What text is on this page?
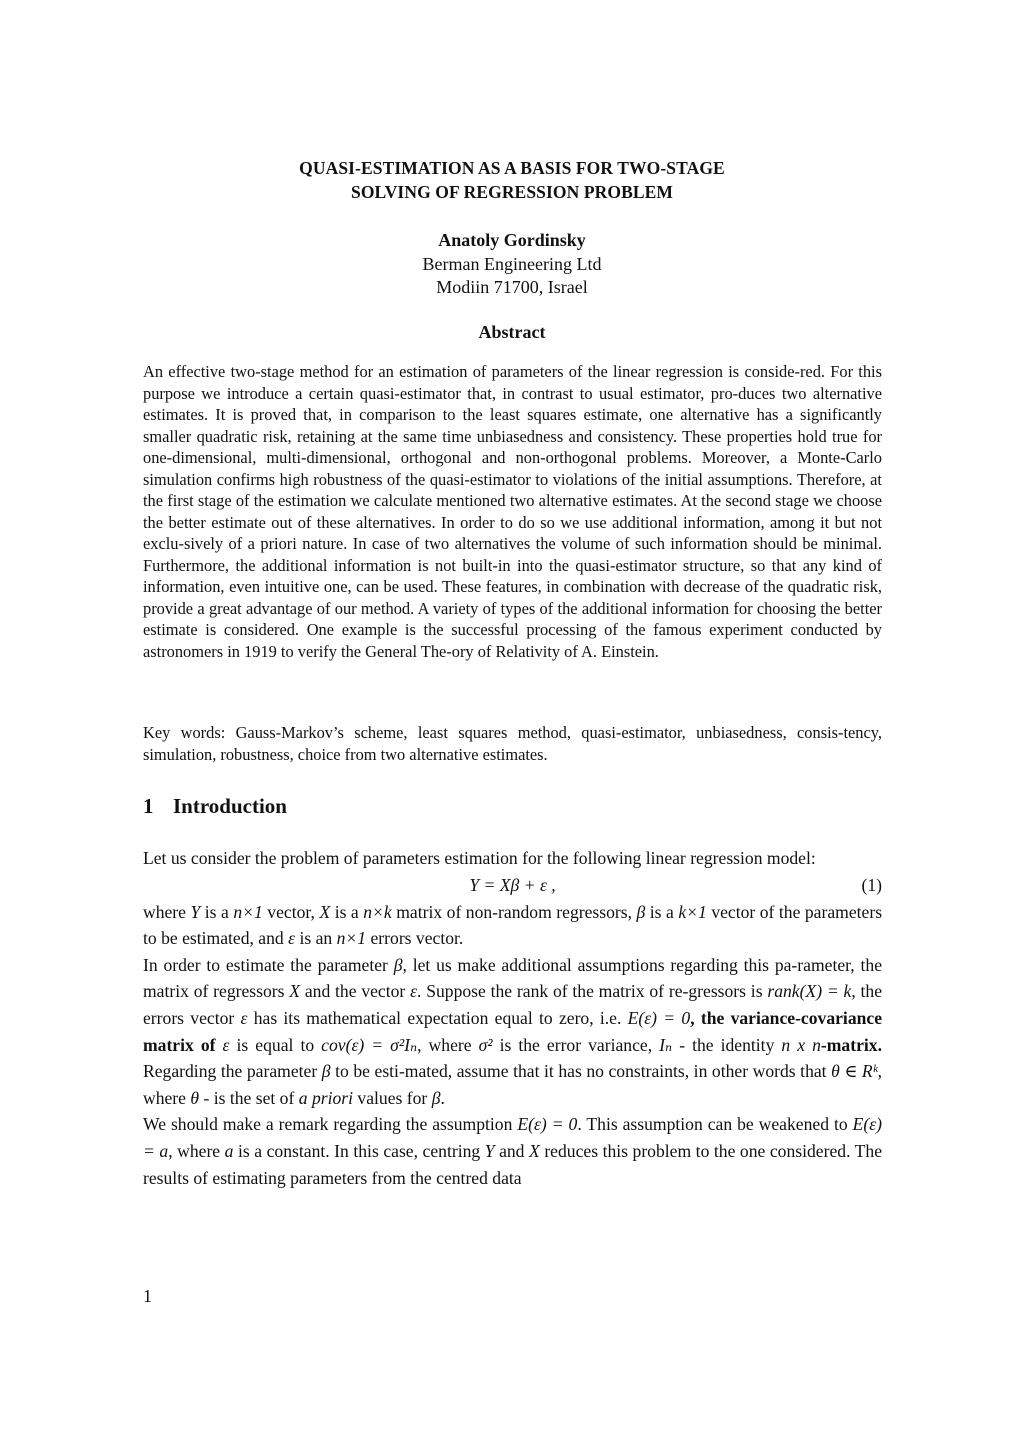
QUASI-ESTIMATION AS A BASIS FOR TWO-STAGE
SOLVING OF REGRESSION PROBLEM
Anatoly Gordinsky
Berman Engineering Ltd
Modiin 71700, Israel
Abstract
An effective two-stage method for an estimation of parameters of the linear regression is conside-red. For this purpose we introduce a certain quasi-estimator that, in contrast to usual estimator, pro-duces two alternative estimates. It is proved that, in comparison to the least squares estimate, one alternative has a significantly smaller quadratic risk, retaining at the same time unbiasedness and consistency. These properties hold true for one-dimensional, multi-dimensional, orthogonal and non-orthogonal problems. Moreover, a Monte-Carlo simulation confirms high robustness of the quasi-estimator to violations of the initial assumptions. Therefore, at the first stage of the estimation we calculate mentioned two alternative estimates. At the second stage we choose the better estimate out of these alternatives. In order to do so we use additional information, among it but not exclu-sively of a priori nature. In case of two alternatives the volume of such information should be minimal. Furthermore, the additional information is not built-in into the quasi-estimator structure, so that any kind of information, even intuitive one, can be used. These features, in combination with decrease of the quadratic risk, provide a great advantage of our method. A variety of types of the additional information for choosing the better estimate is considered. One example is the successful processing of the famous experiment conducted by astronomers in 1919 to verify the General The-ory of Relativity of A. Einstein.
Key words: Gauss-Markov’s scheme, least squares method, quasi-estimator, unbiasedness, consis-tency, simulation, robustness, choice from two alternative estimates.
1 Introduction

Let us consider the problem of parameters estimation for the following linear regression model:

Y = Xβ + ε ,	(1)

where Y is a n×1 vector, X is a n×k matrix of non-random regressors, β is a k×1 vector of the parameters to be estimated, and ε is an n×1 errors vector.

In order to estimate the parameter β, let us make additional assumptions regarding this pa-rameter, the matrix of regressors X and the vector ε. Suppose the rank of the matrix of re-gressors is rank(X) = k, the errors vector ε has its mathematical expectation equal to zero, i.e. E(ε) = 0, the variance-covariance matrix of ε is equal to cov(ε) = σ²Iₙ, where σ² is the error variance, Iₙ - the identity n x n-matrix. Regarding the parameter β to be esti-mated, assume that it has no constraints, in other words that θ ∈ Rᵏ, where θ - is the set of a priori values for β.

We should make a remark regarding the assumption E(ε) = 0. This assumption can be weakened to E(ε) = a, where a is a constant. In this case, centring Y and X reduces this problem to the one considered. The results of estimating parameters from the centred data

1
